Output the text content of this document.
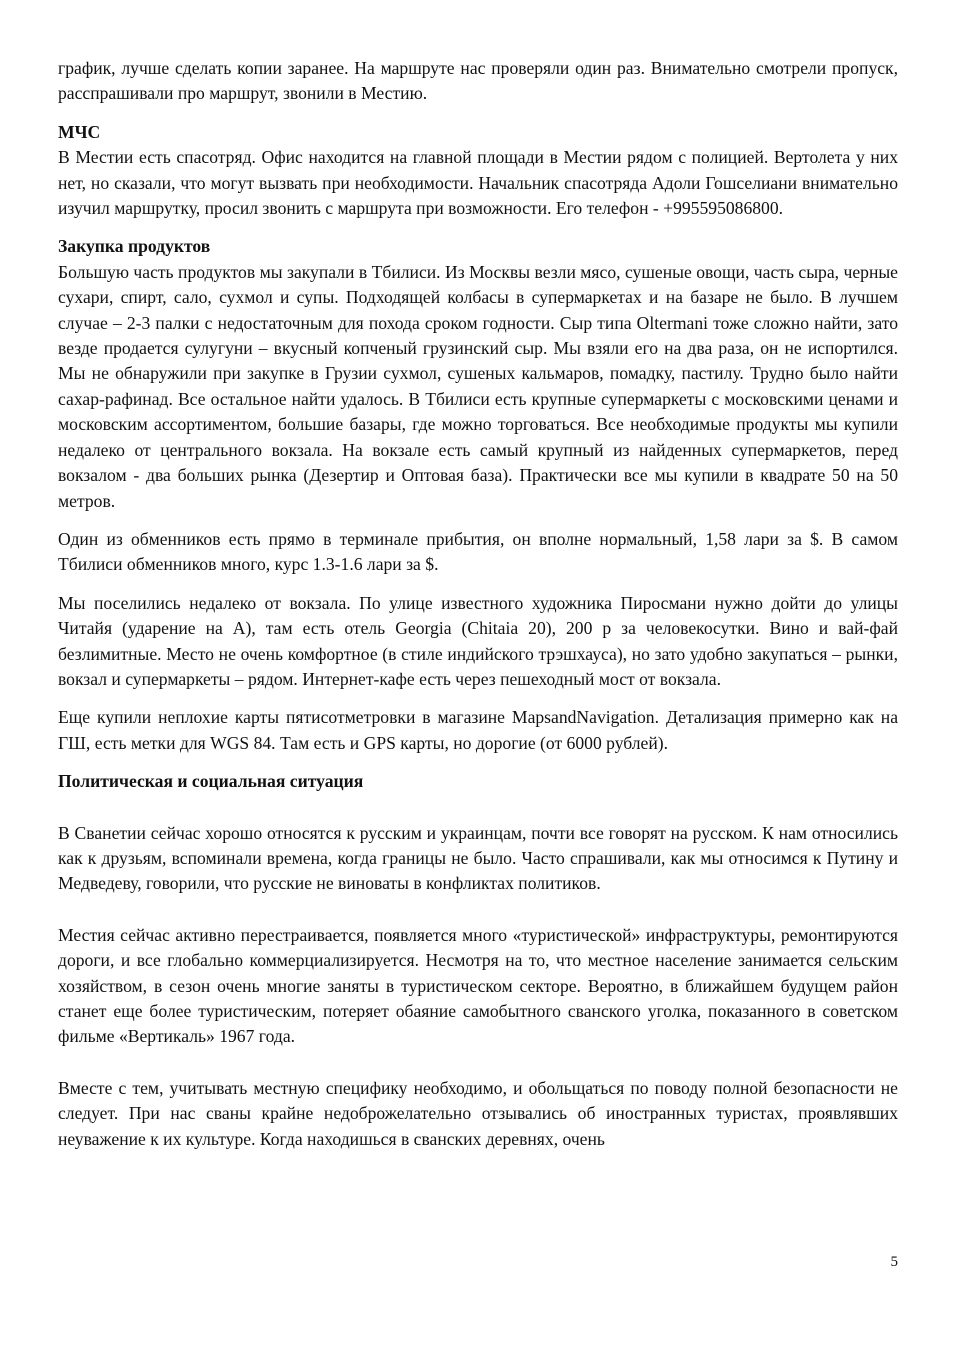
график, лучше сделать копии заранее. На маршруте нас проверяли один раз. Внимательно смотрели пропуск, расспрашивали про маршрут, звонили в Местию.

МЧС

В Местии есть спасотряд. Офис находится на главной площади в Местии рядом с полицией. Вертолета у них нет, но сказали, что могут вызвать при необходимости. Начальник спасотряда Адоли Гошселиани внимательно изучил маршрутку, просил звонить с маршрута при возможности. Его телефон - +995595086800.

Закупка продуктов

Большую часть продуктов мы закупали в Тбилиси. Из Москвы везли мясо, сушеные овощи, часть сыра, черные сухари, спирт, сало, сухмол и супы. Подходящей колбасы в супермаркетах и на базаре не было. В лучшем случае – 2-3 палки с недостаточным для похода сроком годности. Сыр типа Oltermani тоже сложно найти, зато везде продается сулугуни – вкусный копченый грузинский сыр. Мы взяли его на два раза, он не испортился. Мы не обнаружили при закупке в Грузии сухмол, сушеных кальмаров, помадку, пастилу. Трудно было найти сахар-рафинад. Все остальное найти удалось. В Тбилиси есть крупные супермаркеты с московскими ценами и московским ассортиментом, большие базары, где можно торговаться. Все необходимые продукты мы купили недалеко от центрального вокзала. На вокзале есть самый крупный из найденных супермаркетов, перед вокзалом - два больших рынка (Дезертир и Оптовая база). Практически все мы купили в квадрате 50 на 50 метров.

Один из обменников есть прямо в терминале прибытия, он вполне нормальный, 1,58 лари за $. В самом Тбилиси обменников много, курс 1.3-1.6 лари за $.

Мы поселились недалеко от вокзала. По улице известного художника Пиросмани нужно дойти до улицы Читайя (ударение на А), там есть отель Georgia (Chitaia 20), 200 р за человекосутки. Вино и вай-фай безлимитные. Место не очень комфортное (в стиле индийского трэшхауса), но зато удобно закупаться – рынки, вокзал и супермаркеты – рядом. Интернет-кафе есть через пешеходный мост от вокзала.

Еще купили неплохие карты пятисотметровки в магазине MapsandNavigation. Детализация примерно как на ГШ, есть метки для WGS 84. Там есть и GPS карты, но дорогие (от 6000 рублей).

Политическая и социальная ситуация

В Сванетии сейчас хорошо относятся к русским и украинцам, почти все говорят на русском. К нам относились как к друзьям, вспоминали времена, когда границы не было. Часто спрашивали, как мы относимся к Путину и Медведеву, говорили, что русские не виноваты в конфликтах политиков.

Местия сейчас активно перестраивается, появляется много «туристической» инфраструктуры, ремонтируются дороги, и все глобально коммерциализируется. Несмотря на то, что местное население занимается сельским хозяйством, в сезон очень многие заняты в туристическом секторе. Вероятно, в ближайшем будущем район станет еще более туристическим, потеряет обаяние самобытного сванского уголка, показанного в советском фильме «Вертикаль» 1967 года.

Вместе с тем, учитывать местную специфику необходимо, и обольщаться по поводу полной безопасности не следует. При нас сваны крайне недоброжелательно отзывались об иностранных туристах, проявлявших неуважение к их культуре. Когда находишься в сванских деревнях, очень

5
